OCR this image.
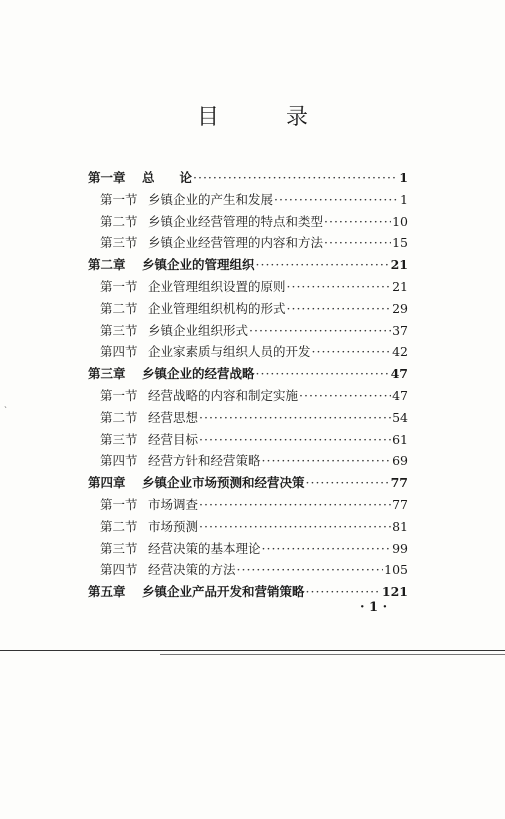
目 录
第一章	总　　论 ·····	1
第一节 乡镇企业的产生和发展 ·····	1
第二节 乡镇企业经营管理的特点和类型 ·····	10
第三节 乡镇企业经营管理的内容和方法 ·····	15
第二章	乡镇企业的管理组织 ·····	21
第一节 企业管理组织设置的原则 ·····	21
第二节 企业管理组织机构的形式 ·····	29
第三节 乡镇企业组织形式 ·····	37
第四节 企业家素质与组织人员的开发 ·····	42
第三章	乡镇企业的经营战略 ·····	47
第一节 经营战略的内容和制定实施 ·····	47
第二节 经营思想 ·····	54
第三节 经营目标 ·····	61
第四节 经营方针和经营策略 ·····	69
第四章	乡镇企业市场预测和经营决策 ·····	77
第一节 市场调查 ·····	77
第二节 市场预测 ·····	81
第三节 经营决策的基本理论 ·····	99
第四节 经营决策的方法 ·····	105
第五章	乡镇企业产品开发和营销策略 ·····	121
· 1 ·
ˏ
